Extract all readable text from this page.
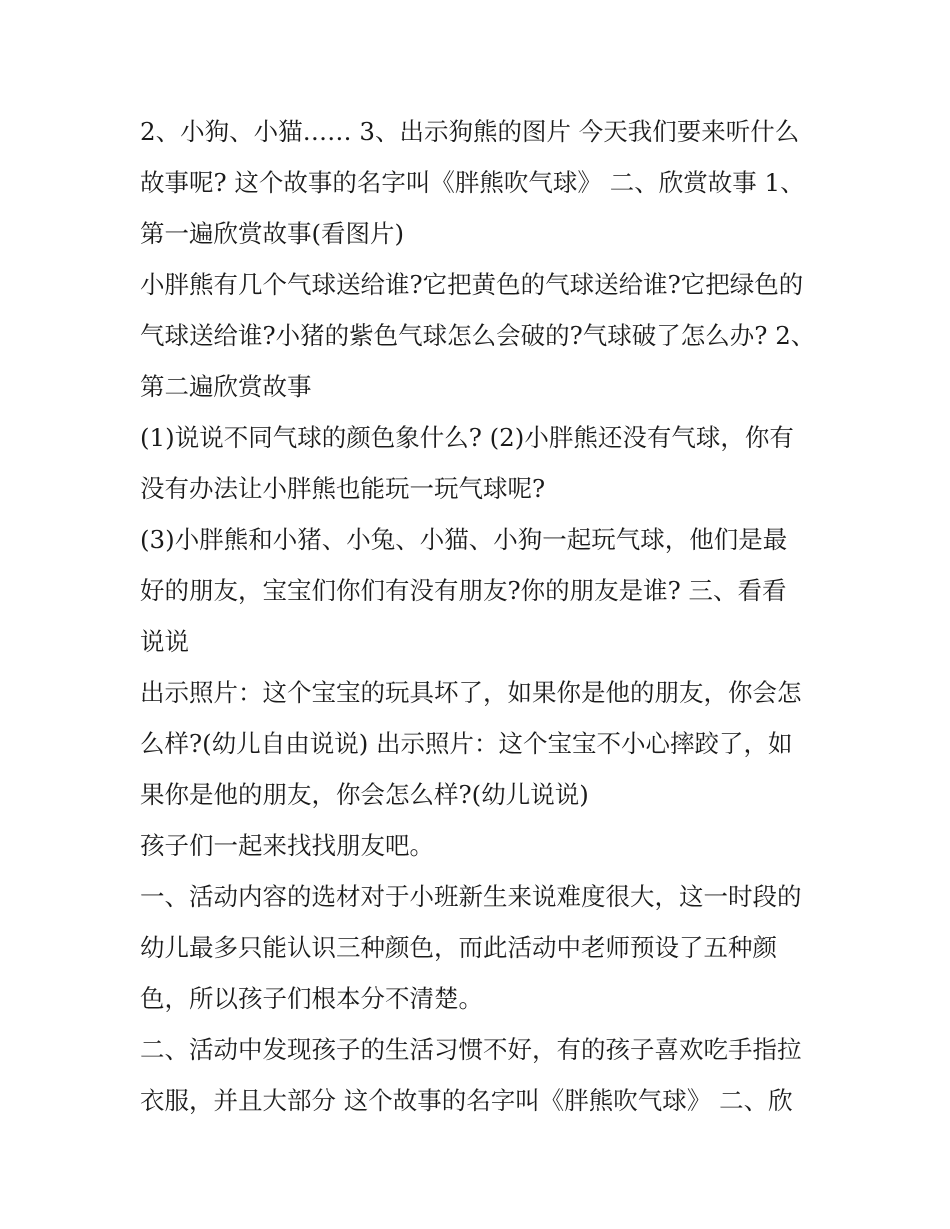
2、小狗、小猫…… 3、出示狗熊的图片 今天我们要来听什么
故事呢? 这个故事的名字叫《胖熊吹气球》 二、欣赏故事 1、
第一遍欣赏故事(看图片)

小胖熊有几个气球送给谁?它把黄色的气球送给谁?它把绿色的
气球送给谁?小猪的紫色气球怎么会破的?气球破了怎么办? 2、
第二遍欣赏故事

(1)说说不同气球的颜色象什么? (2)小胖熊还没有气球，你有
没有办法让小胖熊也能玩一玩气球呢?

(3)小胖熊和小猪、小兔、小猫、小狗一起玩气球，他们是最
好的朋友，宝宝们你们有没有朋友?你的朋友是谁? 三、看看
说说

出示照片：这个宝宝的玩具坏了，如果你是他的朋友，你会怎
么样?(幼儿自由说说) 出示照片：这个宝宝不小心摔跤了，如
果你是他的朋友，你会怎么样?(幼儿说说)

孩子们一起来找找朋友吧。

一、活动内容的选材对于小班新生来说难度很大，这一时段的
幼儿最多只能认识三种颜色，而此活动中老师预设了五种颜
色，所以孩子们根本分不清楚。

二、活动中发现孩子的生活习惯不好，有的孩子喜欢吃手指拉
衣服，并且大部分 这个故事的名字叫《胖熊吹气球》 二、欣
